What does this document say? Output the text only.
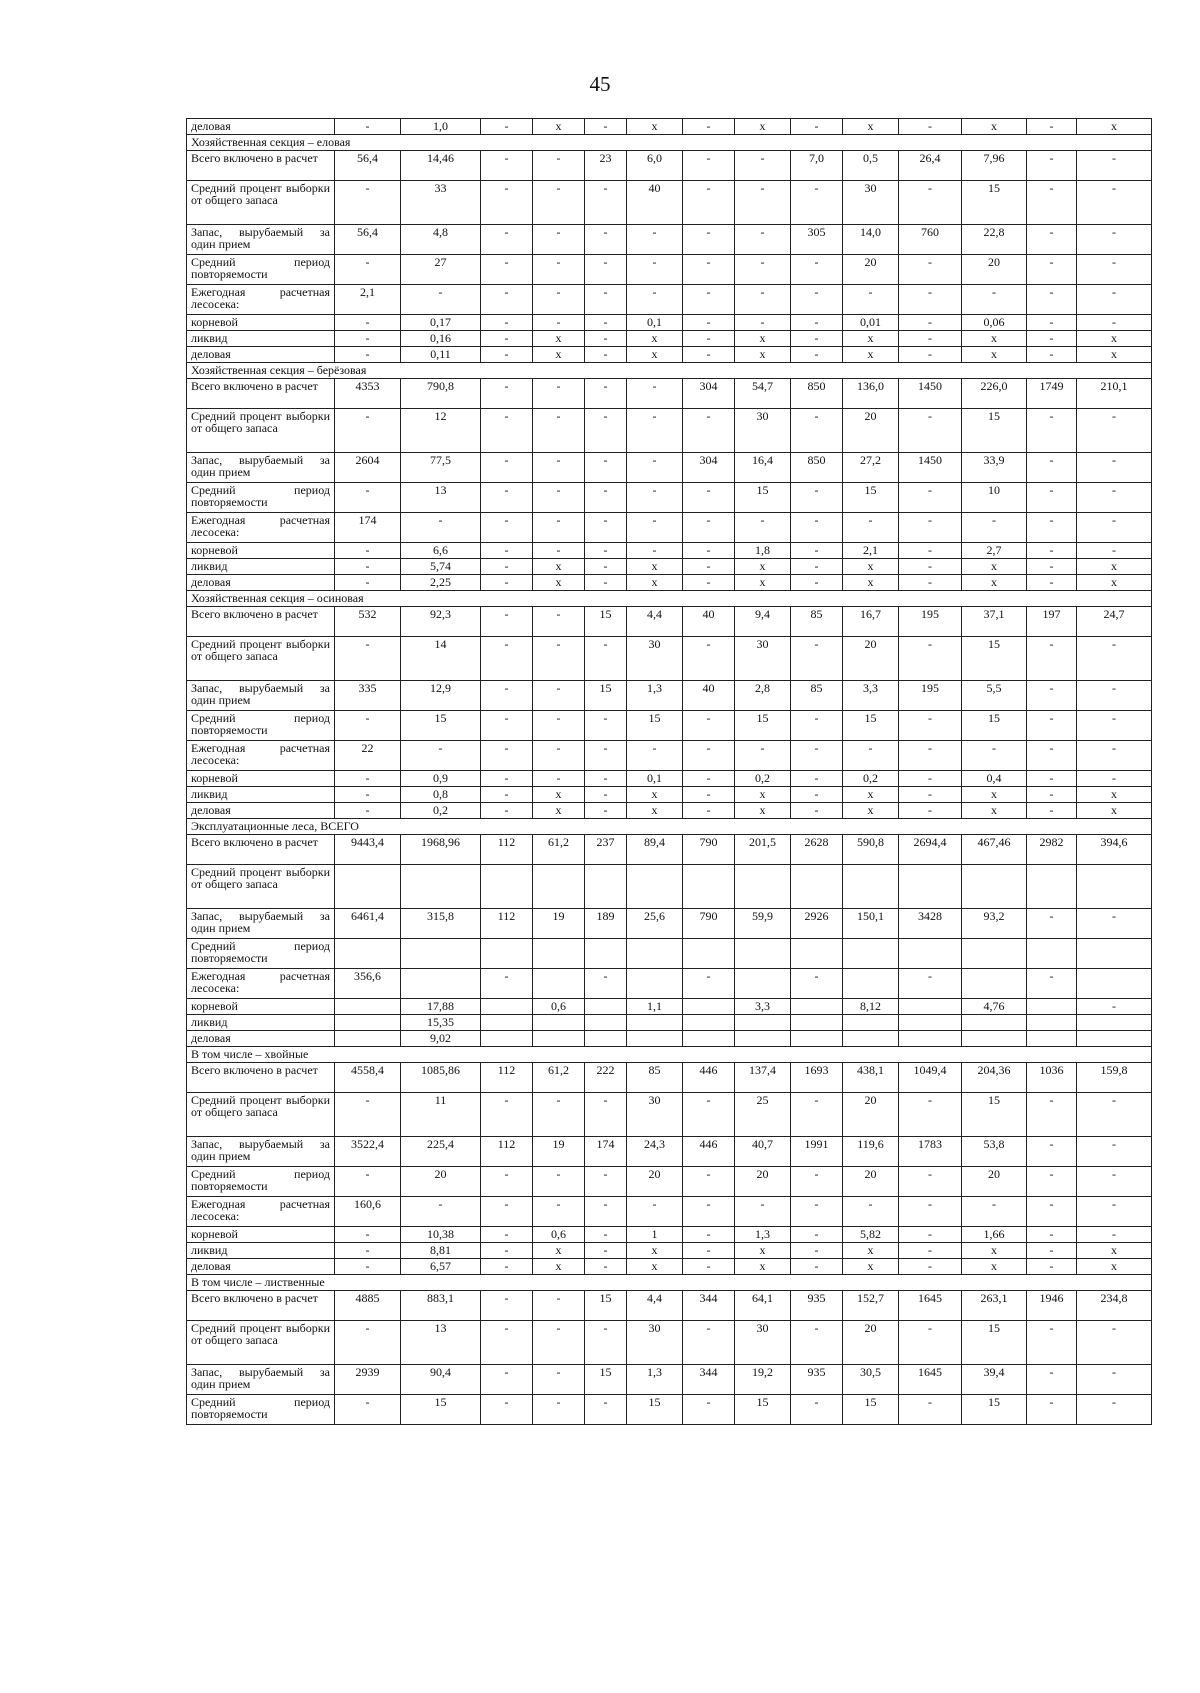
45
деловая	-	1,0	-	х	-	х	-	х	-	х	-	х	-	х
Хозяйственная секция – еловая														
Всего включено в расчет	56,4	14,46	-	-	23	6,0	-	-	7,0	0,5	26,4	7,96	-	-
Средний процент выборки от общего запаса	-	33	-	-	-	40	-	-	-	30	-	15	-	-
Запас, вырубаемый за один прием	56,4	4,8	-	-	-	-	-	-	305	14,0	760	22,8	-	-
Средний период повторяемости	-	27	-	-	-	-	-	-	-	20	-	20	-	-
Ежегодная расчетная лесосека:	2,1	-	-	-	-	-	-	-	-	-	-	-	-	-
корневой	-	0,17	-	-	-	0,1	-	-	-	0,01	-	0,06	-	-
ликвид	-	0,16	-	х	-	х	-	х	-	х	-	х	-	х
деловая	-	0,11	-	х	-	х	-	х	-	х	-	х	-	х
Хозяйственная секция – берёзовая														
Всего включено в расчет	4353	790,8	-	-	-	-	304	54,7	850	136,0	1450	226,0	1749	210,1
Средний процент выборки от общего запаса	-	12	-	-	-	-	-	30	-	20	-	15	-	-
Запас, вырубаемый за один прием	2604	77,5	-	-	-	-	304	16,4	850	27,2	1450	33,9	-	-
Средний период повторяемости	-	13	-	-	-	-	-	15	-	15	-	10	-	-
Ежегодная расчетная лесосека:	174	-	-	-	-	-	-	-	-	-	-	-	-	-
корневой	-	6,6	-	-	-	-	-	1,8	-	2,1	-	2,7	-	-
ликвид	-	5,74	-	х	-	х	-	х	-	х	-	х	-	х
деловая	-	2,25	-	х	-	х	-	х	-	х	-	х	-	х
Хозяйственная секция – осиновая														
Всего включено в расчет	532	92,3	-	-	15	4,4	40	9,4	85	16,7	195	37,1	197	24,7
Средний процент выборки от общего запаса	-	14	-	-	-	30	-	30	-	20	-	15	-	-
Запас, вырубаемый за один прием	335	12,9	-	-	15	1,3	40	2,8	85	3,3	195	5,5	-	-
Средний период повторяемости	-	15	-	-	-	15	-	15	-	15	-	15	-	-
Ежегодная расчетная лесосека:	22	-	-	-	-	-	-	-	-	-	-	-	-	-
корневой	-	0,9	-	-	-	0,1	-	0,2	-	0,2	-	0,4	-	-
ликвид	-	0,8	-	х	-	х	-	х	-	х	-	х	-	х
деловая	-	0,2	-	х	-	х	-	х	-	х	-	х	-	х
Эксплуатационные леса, ВСЕГО														
Всего включено в расчет	9443,4	1968,96	112	61,2	237	89,4	790	201,5	2628	590,8	2694,4	467,46	2982	394,6
Средний процент выборки от общего запаса														
Запас, вырубаемый за один прием	6461,4	315,8	112	19	189	25,6	790	59,9	2926	150,1	3428	93,2	-	-
Средний период повторяемости														
Ежегодная расчетная лесосека:	356,6		-		-		-		-		-		-	
корневой		17,88		0,6		1,1		3,3		8,12		4,76		-
ликвид		15,35												
деловая		9,02												
В том числе – хвойные														
Всего включено в расчет	4558,4	1085,86	112	61,2	222	85	446	137,4	1693	438,1	1049,4	204,36	1036	159,8
Средний процент выборки от общего запаса	-	11	-	-	-	30	-	25	-	20	-	15	-	-
Запас, вырубаемый за один прием	3522,4	225,4	112	19	174	24,3	446	40,7	1991	119,6	1783	53,8	-	-
Средний период повторяемости	-	20	-	-	-	20	-	20	-	20	-	20	-	-
Ежегодная расчетная лесосека:	160,6	-	-	-	-	-	-	-	-	-	-	-	-	-
корневой	-	10,38	-	0,6	-	1	-	1,3	-	5,82	-	1,66	-	-
ликвид	-	8,81	-	х	-	х	-	х	-	х	-	х	-	х
деловая	-	6,57	-	х	-	х	-	х	-	х	-	х	-	х
В том числе – лиственные														
Всего включено в расчет	4885	883,1	-	-	15	4,4	344	64,1	935	152,7	1645	263,1	1946	234,8
Средний процент выборки от общего запаса	-	13	-	-	-	30	-	30	-	20	-	15	-	-
Запас, вырубаемый за один прием	2939	90,4	-	-	15	1,3	344	19,2	935	30,5	1645	39,4	-	-
Средний период повторяемости	-	15	-	-	-	15	-	15	-	15	-	15	-	-
